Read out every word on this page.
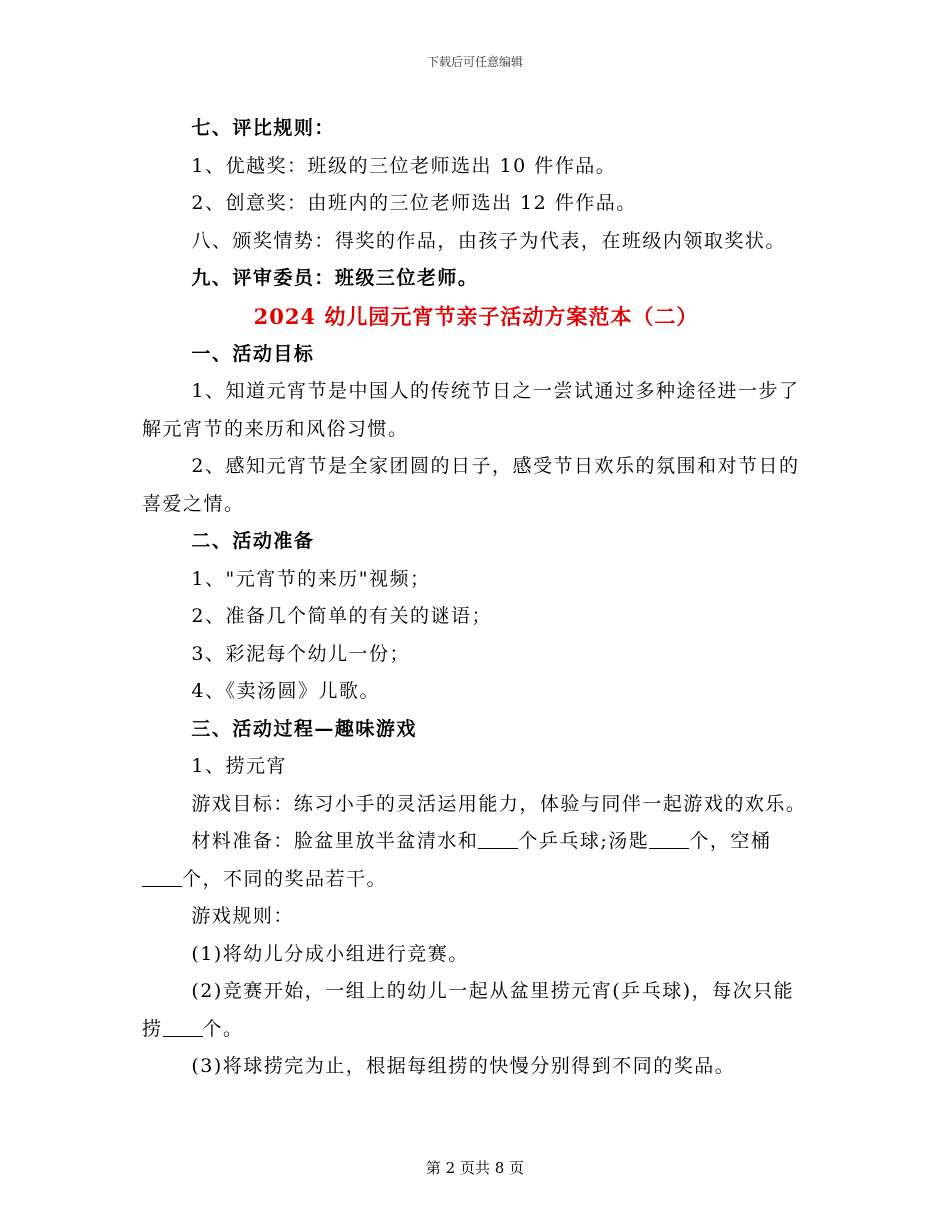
下载后可任意编辑

七、评比规则：

1、优越奖：班级的三位老师选出 10 件作品。

2、创意奖：由班内的三位老师选出 12 件作品。

八、颁奖情势：得奖的作品，由孩子为代表，在班级内领取奖状。

九、评审委员：班级三位老师。

2024 幼儿园元宵节亲子活动方案范本（二）

一、活动目标

1、知道元宵节是中国人的传统节日之一尝试通过多种途径进一步了解元宵节的来历和风俗习惯。

2、感知元宵节是全家团圆的日子，感受节日欢乐的氛围和对节日的喜爱之情。

二、活动准备

1、"元宵节的来历"视频；

2、准备几个简单的有关的谜语；

3、彩泥每个幼儿一份；

4、《卖汤圆》儿歌。

三、活动过程—趣味游戏

1、捞元宵

游戏目标：练习小手的灵活运用能力，体验与同伴一起游戏的欢乐。

材料准备：脸盆里放半盆清水和 个乒乓球;汤匙 个，空桶个，不同的奖品若干。

游戏规则：

(1)将幼儿分成小组进行竞赛。

(2)竞赛开始，一组上的幼儿一起从盆里捞元宵(乒乓球)，每次只能捞 个。

(3)将球捞完为止，根据每组捞的快慢分别得到不同的奖品。

第 2 页共 8 页
